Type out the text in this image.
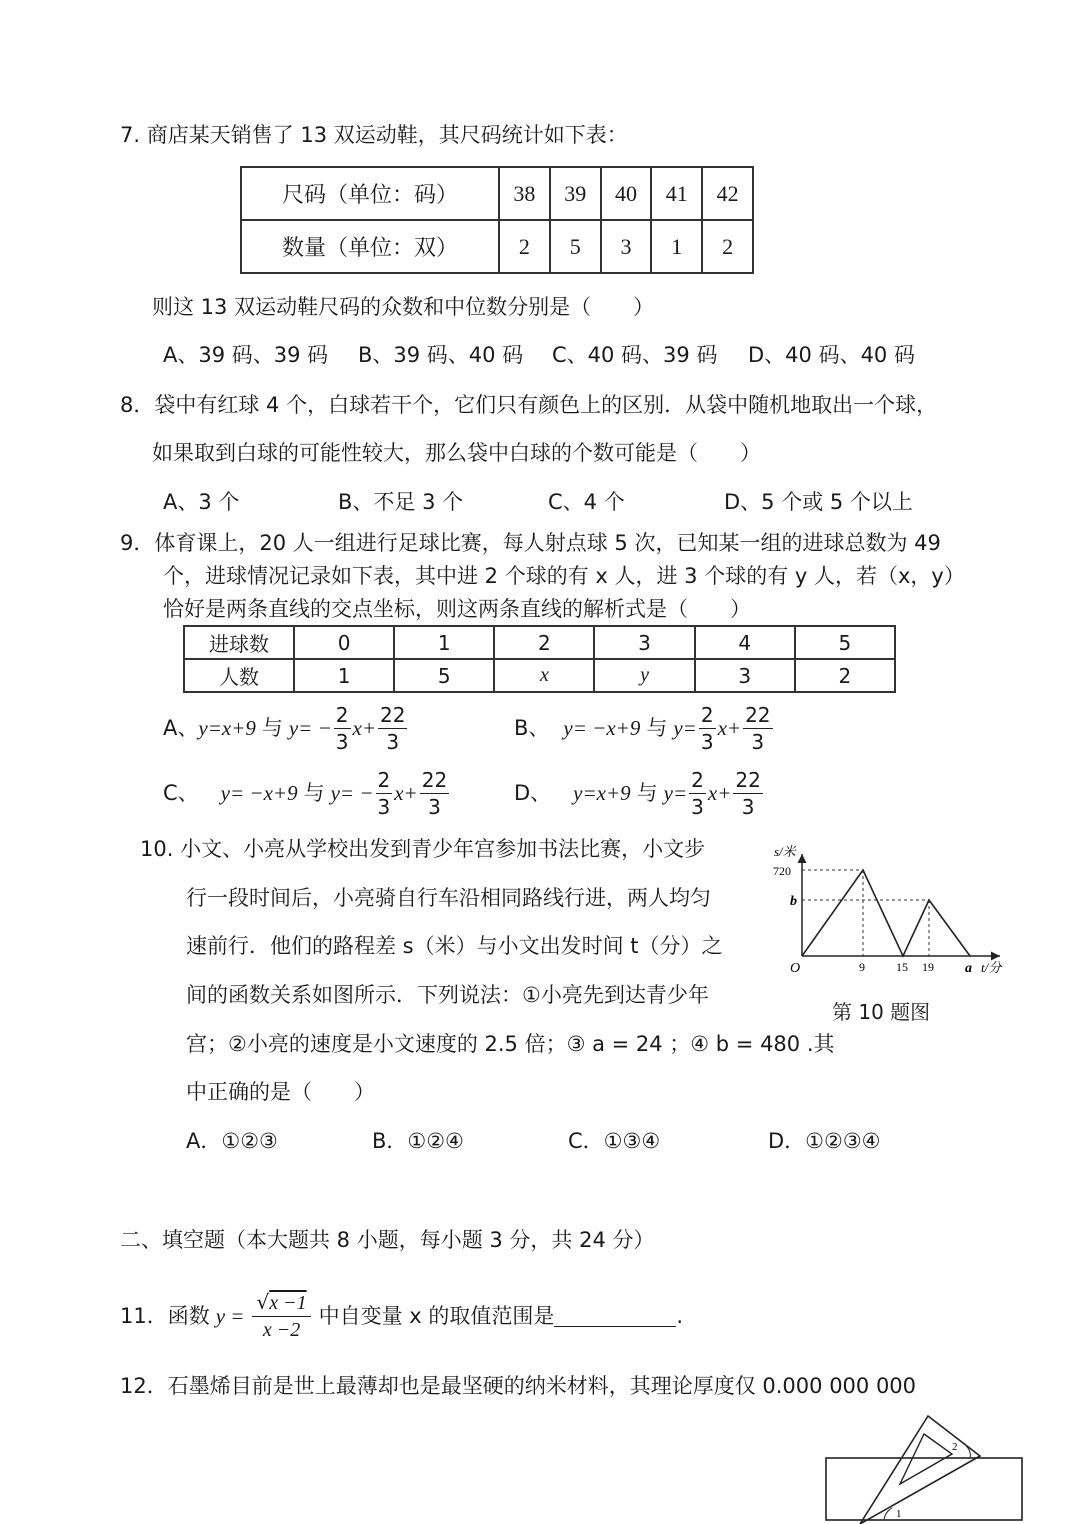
7. 商店某天销售了 13 双运动鞋，其尺码统计如下表：
尺码（单位：码）	38	39	40	41	42
数量（单位：双）	2	5	3	1	2
则这 13 双运动鞋尺码的众数和中位数分别是（　　）
A、39 码、39 码 B、39 码、40 码 C、40 码、39 码 D、40 码、40 码
8．袋中有红球 4 个，白球若干个，它们只有颜色上的区别．从袋中随机地取出一个球，
如果取到白球的可能性较大，那么袋中白球的个数可能是（　　）
A、3 个	B、不足 3 个	C、4 个	D、5 个或 5 个以上
9．体育课上，20 人一组进行足球比赛，每人射点球 5 次，已知某一组的进球总数为 49
个，进球情况记录如下表，其中进 2 个球的有 x 人，进 3 个球的有 y 人，若（x，y）
恰好是两条直线的交点坐标，则这两条直线的解析式是（　　）
进球数	0	1	2	3	4	5
人数	1	5	x	y	3	2
A、 y=x+9 与 $y= - \frac{2}{3} x+ \frac{22}{3}$	B、 y= −x+9 与 $y= \frac{2}{3} x+ \frac{22}{3}$
C、 y= −x+9 与 $y= - \frac{2}{3} x+ \frac{22}{3}$	D、 y=x+9 与 $y= \frac{2}{3} x+ \frac{22}{3}$
10. 小文、小亮从学校出发到青少年宫参加书法比赛，小文步
行一段时间后，小亮骑自行车沿相同路线行进，两人均匀
速前行．他们的路程差 s（米）与小文出发时间 t（分）之
间的函数关系如图所示．下列说法：①小亮先到达青少年
宫；②小亮的速度是小文速度的 2.5 倍；③ a = 24 ；④ b = 480 .其
中正确的是（　　）
A．①②③	B．①②④	C．①③④	D．①②③④
s/米
t/分
O
720
b
9	15 19 a
第 10 题图
二、填空题（本大题共 8 小题，每小题 3 分，共 24 分）
11．函数 $y = \frac{√x -1}{x -2}$ 中自变量 x 的取值范围是	.
12．石墨烯目前是世上最薄却也是最坚硬的纳米材料，其理论厚度仅 0.000 000 000
1
2
